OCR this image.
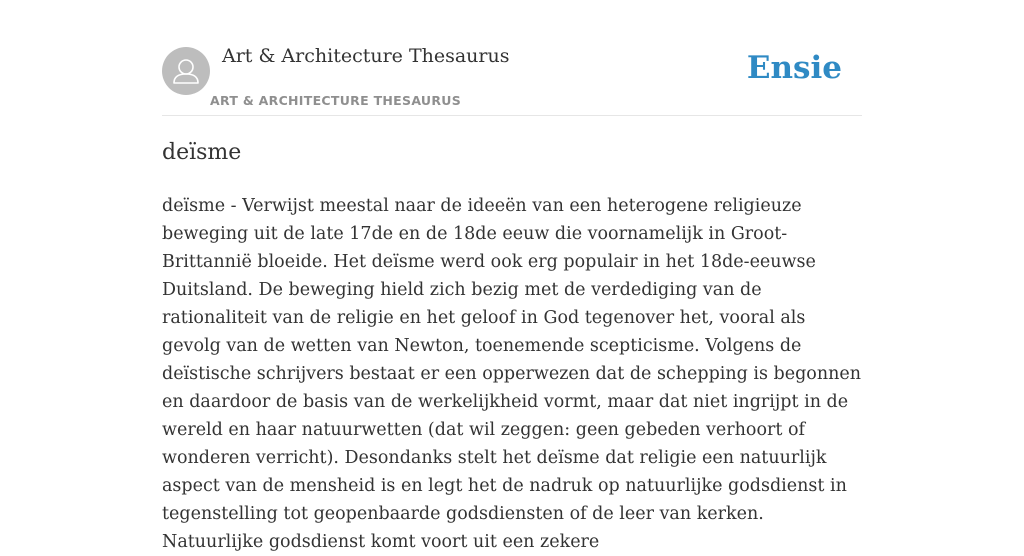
Art & Architecture Thesaurus
ART & ARCHITECTURE THESAURUS
Ensie
deïsme

deïsme - Verwijst meestal naar de ideeën van een heterogene religieuze beweging uit de late 17de en de 18de eeuw die voornamelijk in Groot-Brittannië bloeide. Het deïsme werd ook erg populair in het 18de-eeuwse Duitsland. De beweging hield zich bezig met de verdediging van de rationaliteit van de religie en het geloof in God tegenover het, vooral als gevolg van de wetten van Newton, toenemende scepticisme. Volgens de deïstische schrijvers bestaat er een opperwezen dat de schepping is begonnen en daardoor de basis van de werkelijkheid vormt, maar dat niet ingrijpt in de wereld en haar natuurwetten (dat wil zeggen: geen gebeden verhoort of wonderen verricht). Desondanks stelt het deïsme dat religie een natuurlijk aspect van de mensheid is en legt het de nadruk op natuurlijke godsdienst in tegenstelling tot geopenbaarde godsdiensten of de leer van kerken. Natuurlijke godsdienst komt voort uit een zekere
